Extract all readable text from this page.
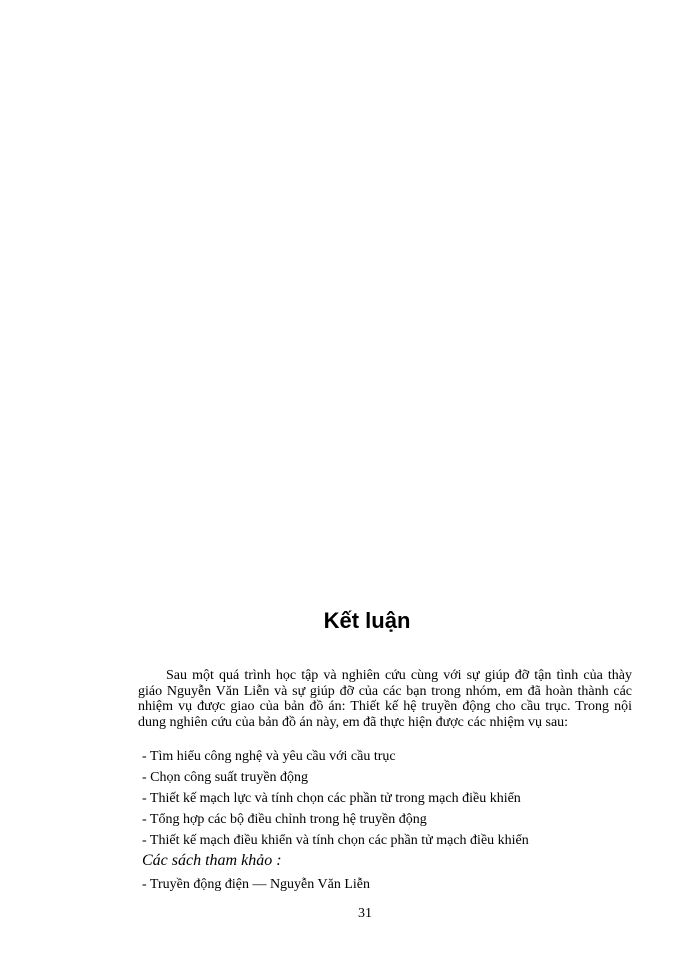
Kết luận

Sau một quá trình học tập và nghiên cứu cùng với sự giúp đỡ tận tình của thày giáo Nguyễn Văn Liễn và sự giúp đỡ của các bạn trong nhóm, em đã hoàn thành các nhiệm vụ được giao của bản đồ án: Thiết kế hệ truyền động cho cầu trục. Trong nội dung nghiên cứu của bản đồ án này, em đã thực hiện được các nhiệm vụ sau:

- Tìm hiểu công nghệ và yêu cầu với cầu trục
- Chọn công suất truyền động
- Thiết kế mạch lực và tính chọn các phần tử trong mạch điều khiển
- Tổng hợp các bộ điều chỉnh trong hệ truyền động
- Thiết kế mạch điều khiển và tính chọn các phần tử mạch điều khiển
Các sách tham khảo :
- Truyền động điện — Nguyễn Văn Liễn

31
